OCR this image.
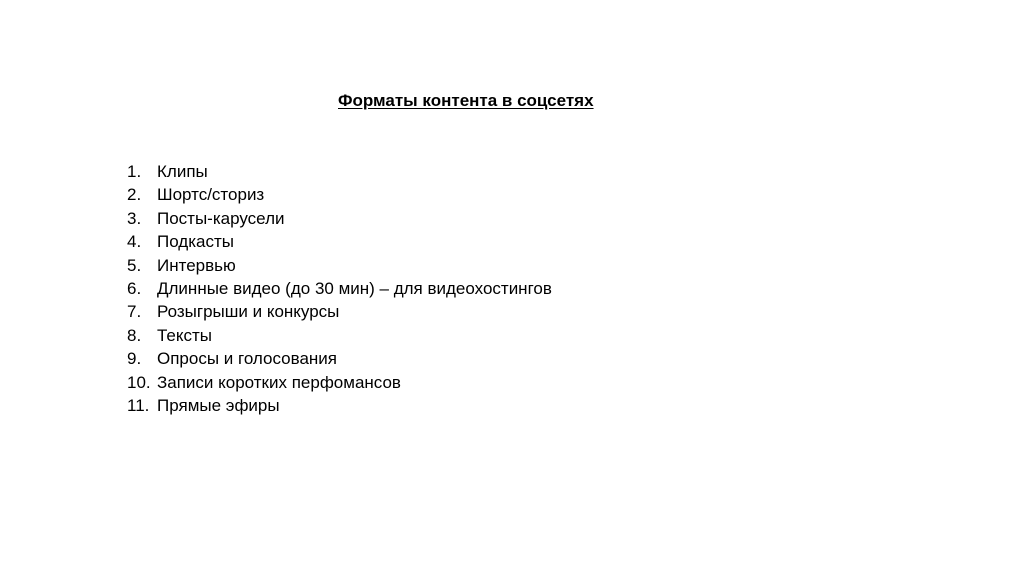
Форматы контента в соцсетях
1. Клипы
2. Шортс/сториз
3. Посты-карусели
4. Подкасты
5. Интервью
6. Длинные видео (до 30 мин) – для видеохостингов
7. Розыгрыши и конкурсы
8. Тексты
9. Опросы и голосования
10. Записи коротких перфомансов
11. Прямые эфиры
